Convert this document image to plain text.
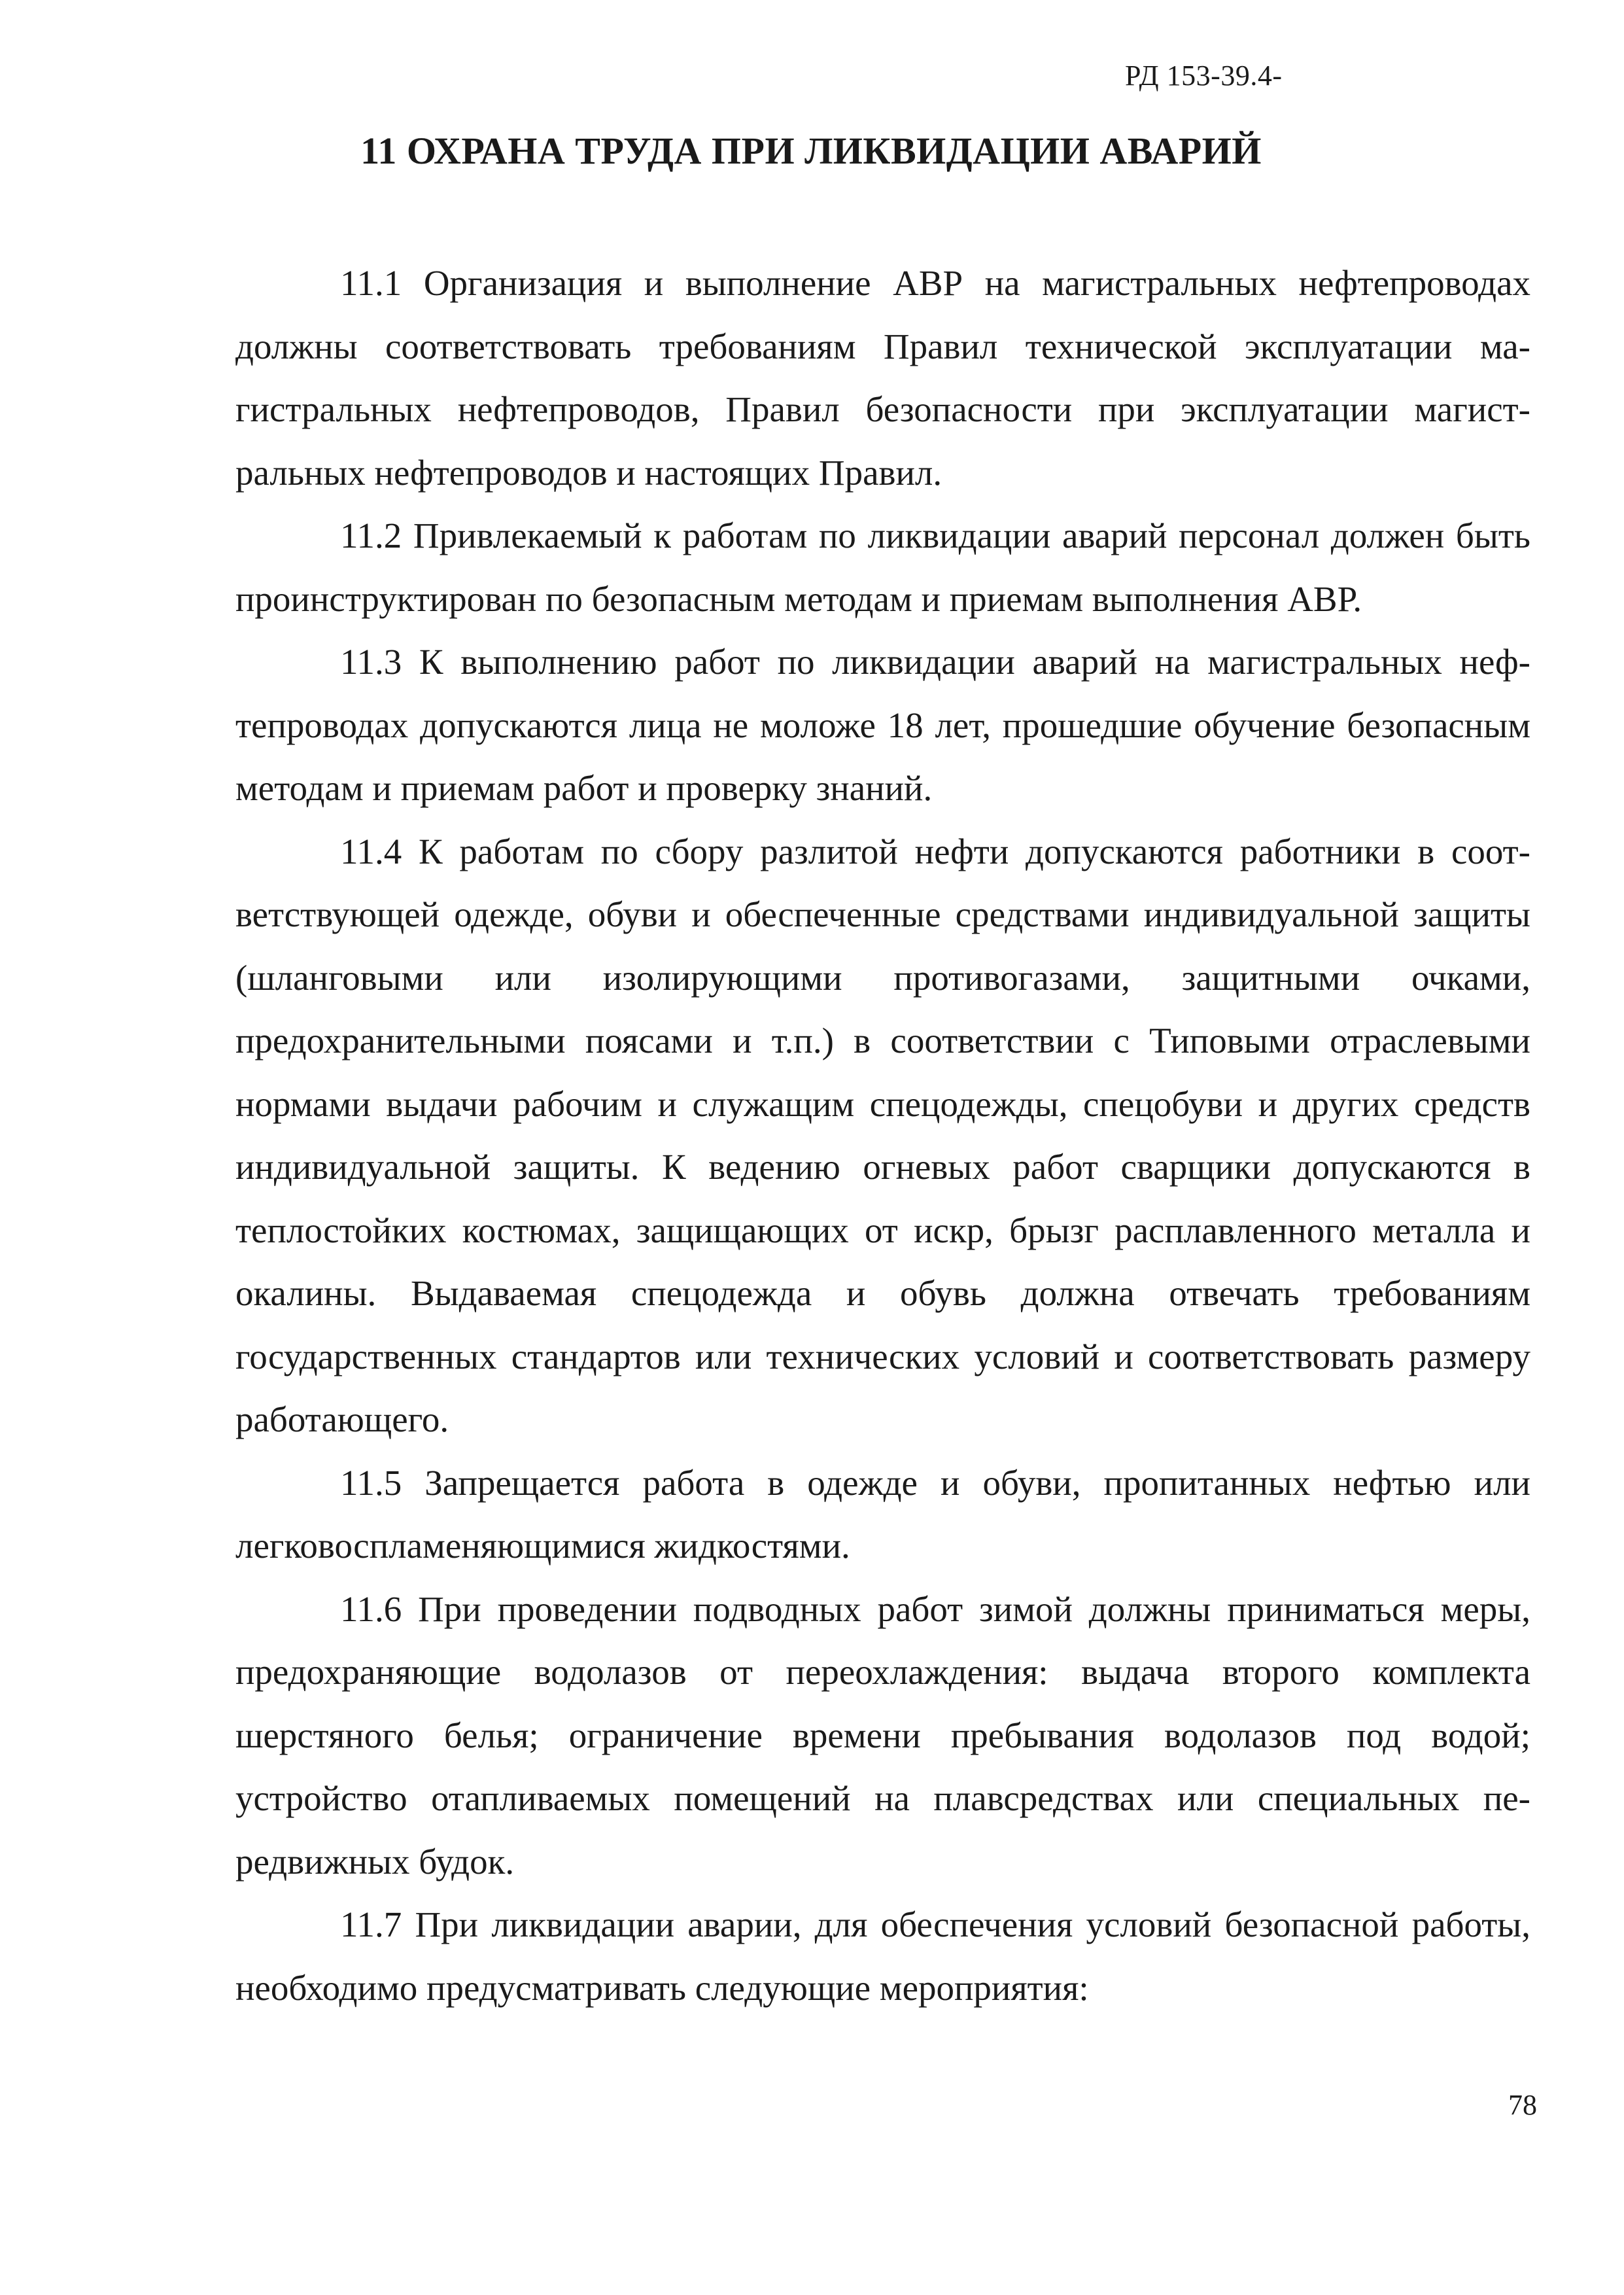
РД 153-39.4-
11 ОХРАНА ТРУДА ПРИ ЛИКВИДАЦИИ АВАРИЙ

11.1 Организация и выполнение АВР на магистральных нефтепроводах должны соответствовать требованиям Правил технической эксплуатации магистральных нефтепроводов, Правил безопасности при эксплуатации магистральных нефтепроводов и настоящих Правил.

11.2 Привлекаемый к работам по ликвидации аварий персонал должен быть проинструктирован по безопасным методам и приемам выполнения АВР.

11.3 К выполнению работ по ликвидации аварий на магистральных нефтепроводах допускаются лица не моложе 18 лет, прошедшие обучение безопасным методам и приемам работ и проверку знаний.

11.4 К работам по сбору разлитой нефти допускаются работники в соответствующей одежде, обуви и обеспеченные средствами индивидуальной защиты (шланговыми или изолирующими противогазами, защитными очками, предохранительными поясами и т.п.) в соответствии с Типовыми отраслевыми нормами выдачи рабочим и служащим спецодежды, спецобуви и других средств индивидуальной защиты. К ведению огневых работ сварщики допускаются в теплостойких костюмах, защищающих от искр, брызг расплавленного металла и окалины. Выдаваемая спецодежда и обувь должна отвечать требованиям государственных стандартов или технических условий и соответствовать размеру работающего.

11.5 Запрещается работа в одежде и обуви, пропитанных нефтью или легковоспламеняющимися жидкостями.

11.6 При проведении подводных работ зимой должны приниматься меры, предохраняющие водолазов от переохлаждения: выдача второго комплекта шерстяного белья; ограничение времени пребывания водолазов под водой; устройство отапливаемых помещений на плавсредствах или специальных передвижных будок.

11.7 При ликвидации аварии, для обеспечения условий безопасной работы, необходимо предусматривать следующие мероприятия:

78
